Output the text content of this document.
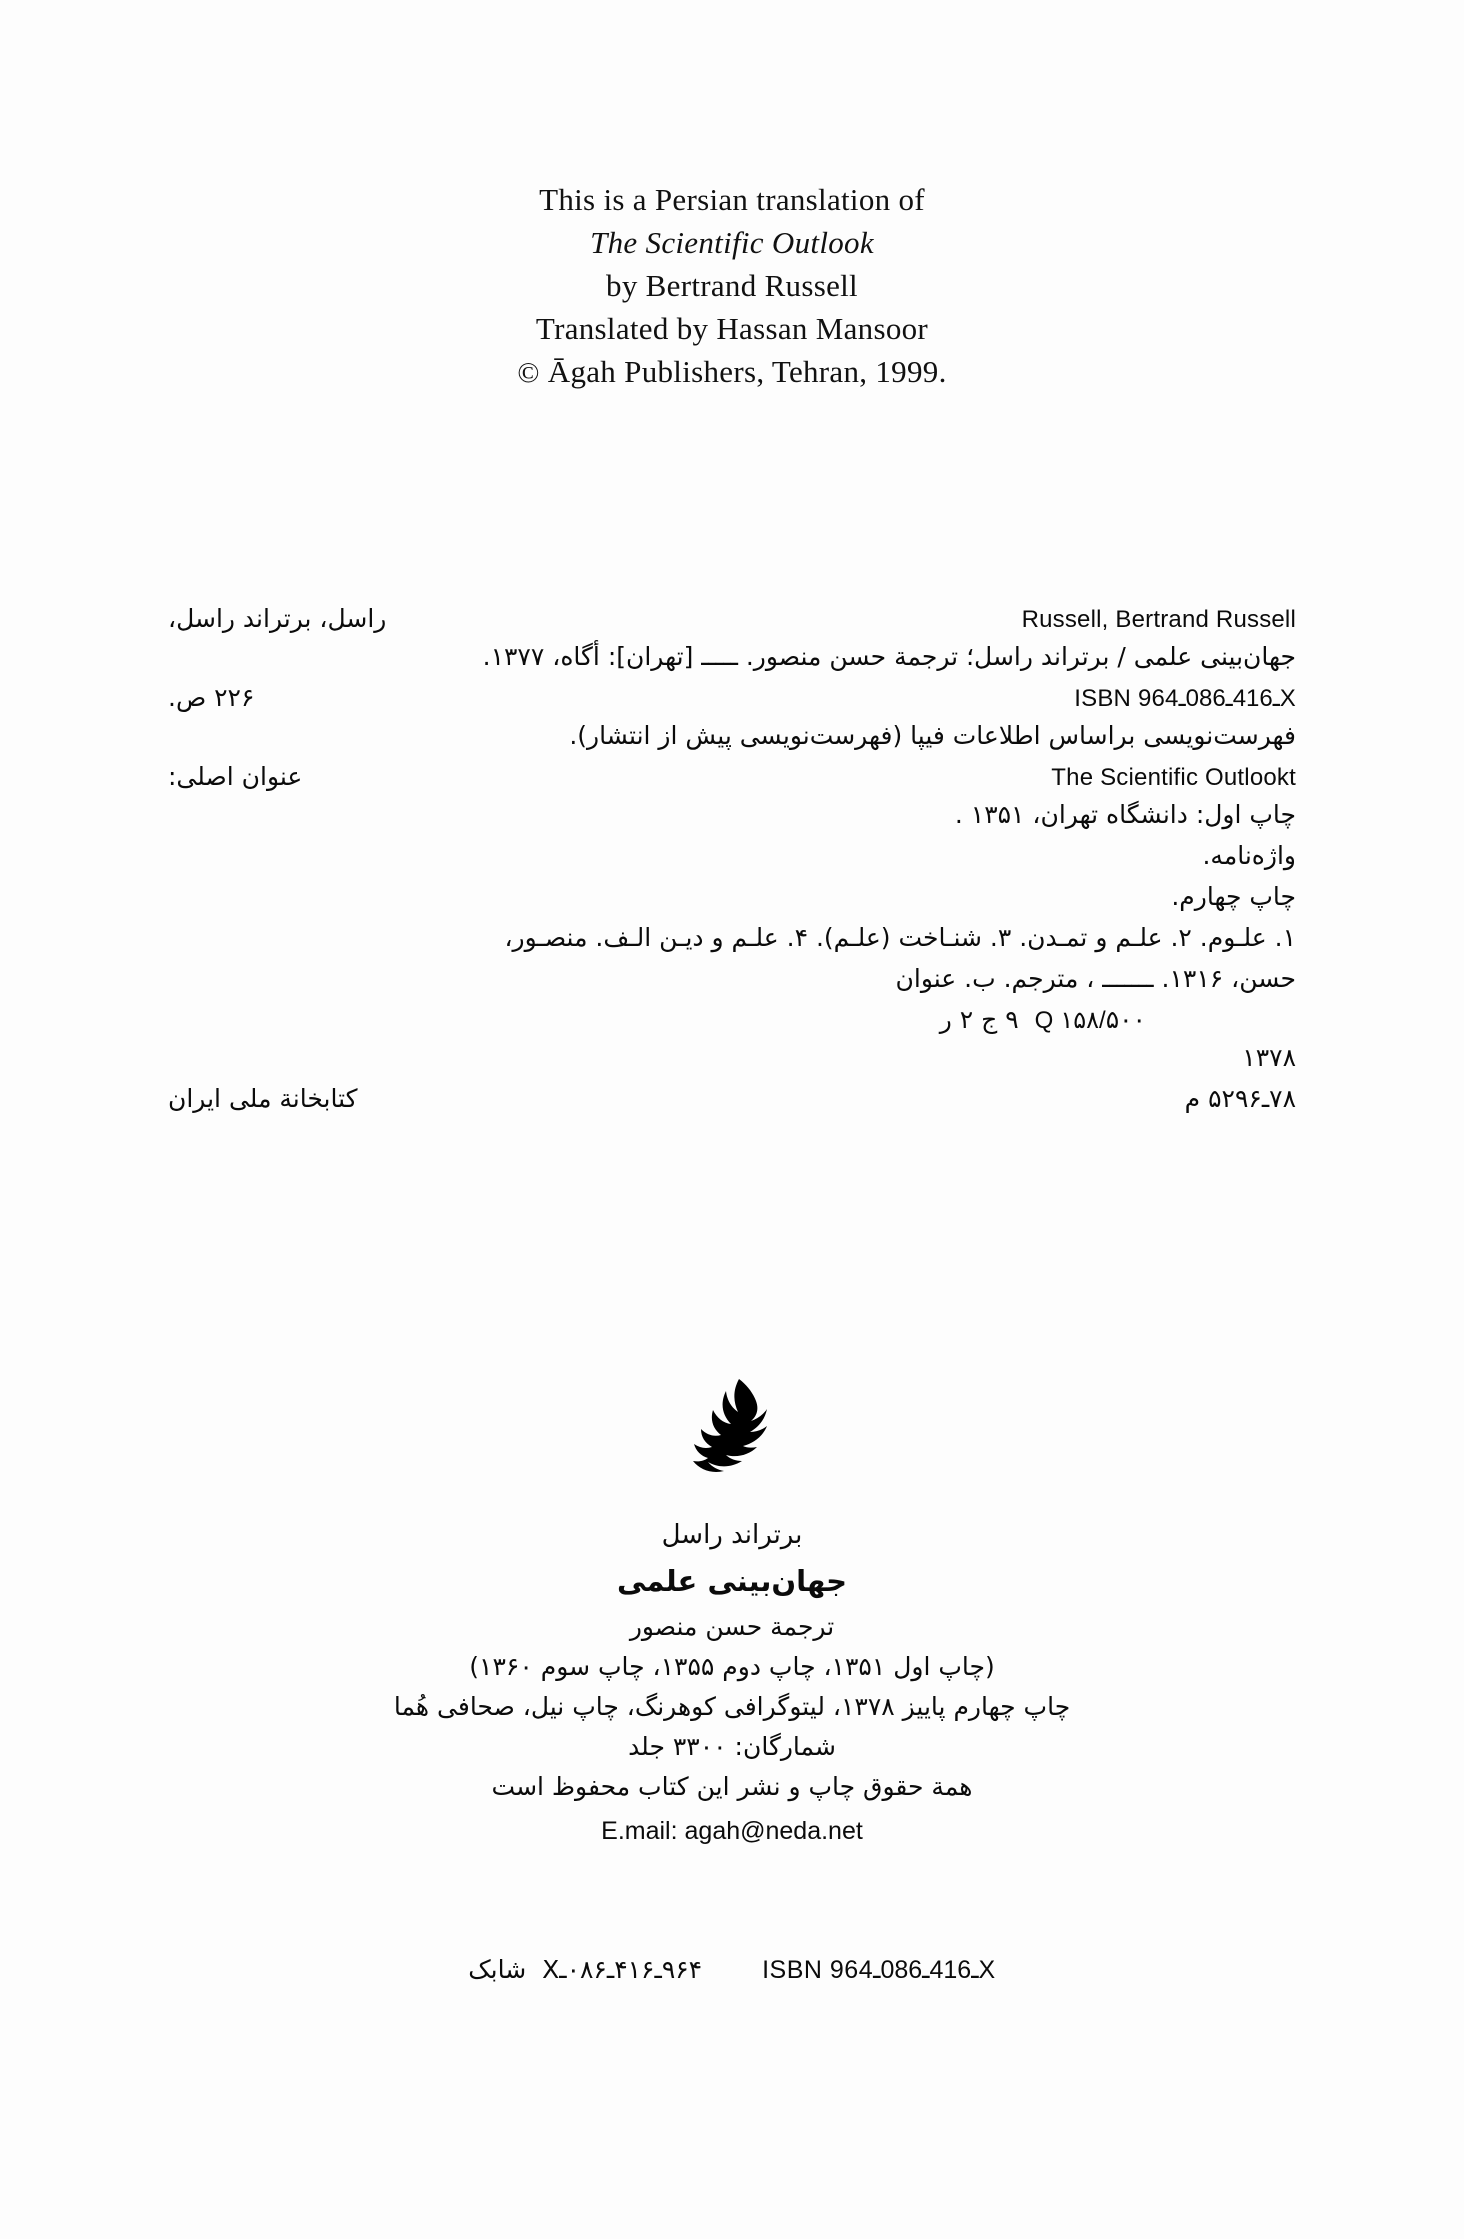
This is a Persian translation of
The Scientific Outlook
by Bertrand Russell
Translated by Hassan Mansoor
© Āgah Publishers, Tehran, 1999.
Russell, Bertrand Russell
راسل، برتراند راسل،
جهان‌بینی علمی / برتراند راسل؛ ترجمة حسن منصور. ـــــ [تهران]: أگاه، ۱۳۷۷.
ISBN 964ـ416ـ086ـX
۲۲۶ ص.
فهرست‌نویسی براساس اطلاعات فیپا (فهرست‌نویسی پیش از انتشار).
The Scientific Outlookt
عنوان اصلی:
چاپ اول: دانشگاه تهران، ۱۳۵۱ .
واژه‌نامه.
چاپ چهارم.
۱. علـوم. ۲. علـم و تمـدن. ۳. شنـاخت (علـم). ۴. علـم و دیـن الـف. منصـور،
حسن، ۱۳۱۶. ـــــــ ، مترجم. ب. عنوان
۵۰۰
Q ۱۵۸/
۹ ج ۲ ر
۱۳۷۸
۷۸ـ۵۲۹۶ م
کتابخانة ملی ایران
برتراند راسل
جهان‌بینی علمی
ترجمة حسن منصور
(چاپ اول ۱۳۵۱، چاپ دوم ۱۳۵۵، چاپ سوم ۱۳۶۰)
چاپ چهارم پاییز ۱۳۷۸، لیتوگرافی کوهرنگ، چاپ نیل، صحافی هُما
شمارگان: ۳۳۰۰ جلد
همة حقوق چاپ و نشر این کتاب محفوظ است
E.mail: agah@neda.net
ISBN 964ـ416ـ086ـX
۹۶۴ـ۴۱۶ـ۰۸۶ـX  شابک
